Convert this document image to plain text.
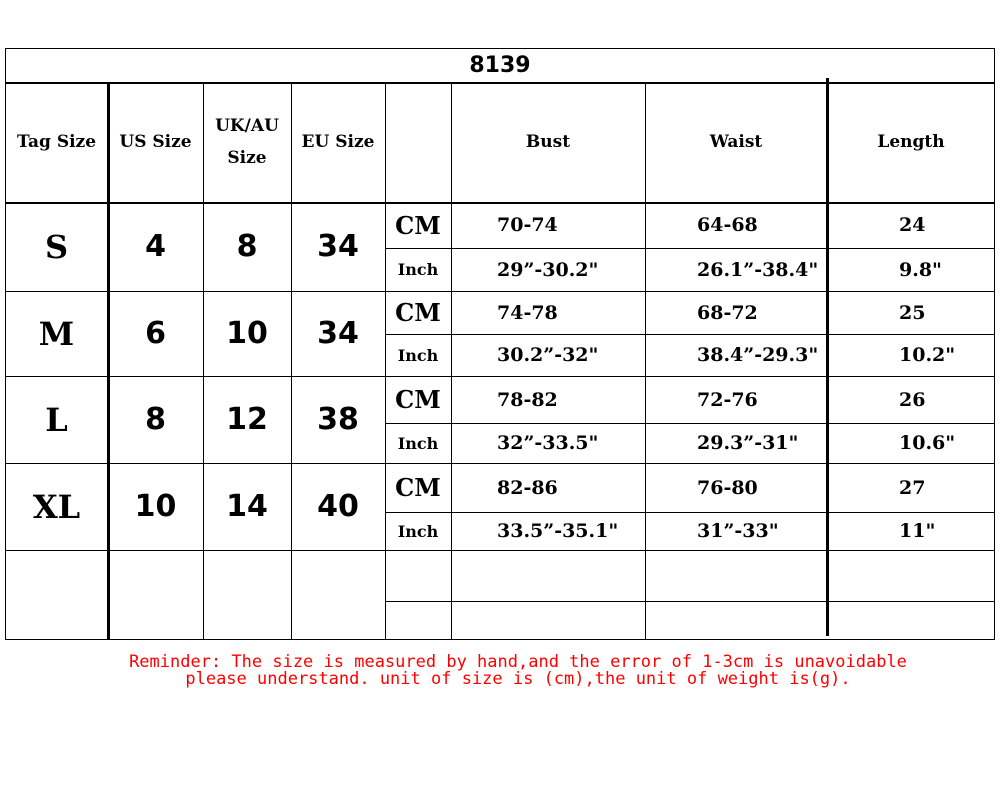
8139
Tag Size	US Size
UK/AU
Size
EU Size	Bust	Waist	Length
S	4	8	34
CM	70-74	64-68	24
Inch	29”-30.2"	26.1”-38.4"	9.8"
M	6	10	34
CM	74-78	68-72	25
Inch	30.2”-32"	38.4”-29.3"	10.2"
L	8	12	38
CM	78-82	72-76	26
Inch	32”-33.5"	29.3”-31"	10.6"
XL	10	14	40
CM	82-86	76-80	27
Inch	33.5”-35.1"	31”-33"	11"
Reminder: The size is measured by hand,and the error of 1-3cm is unavoidable
please understand. unit of size is (cm),the unit of weight is(g).
